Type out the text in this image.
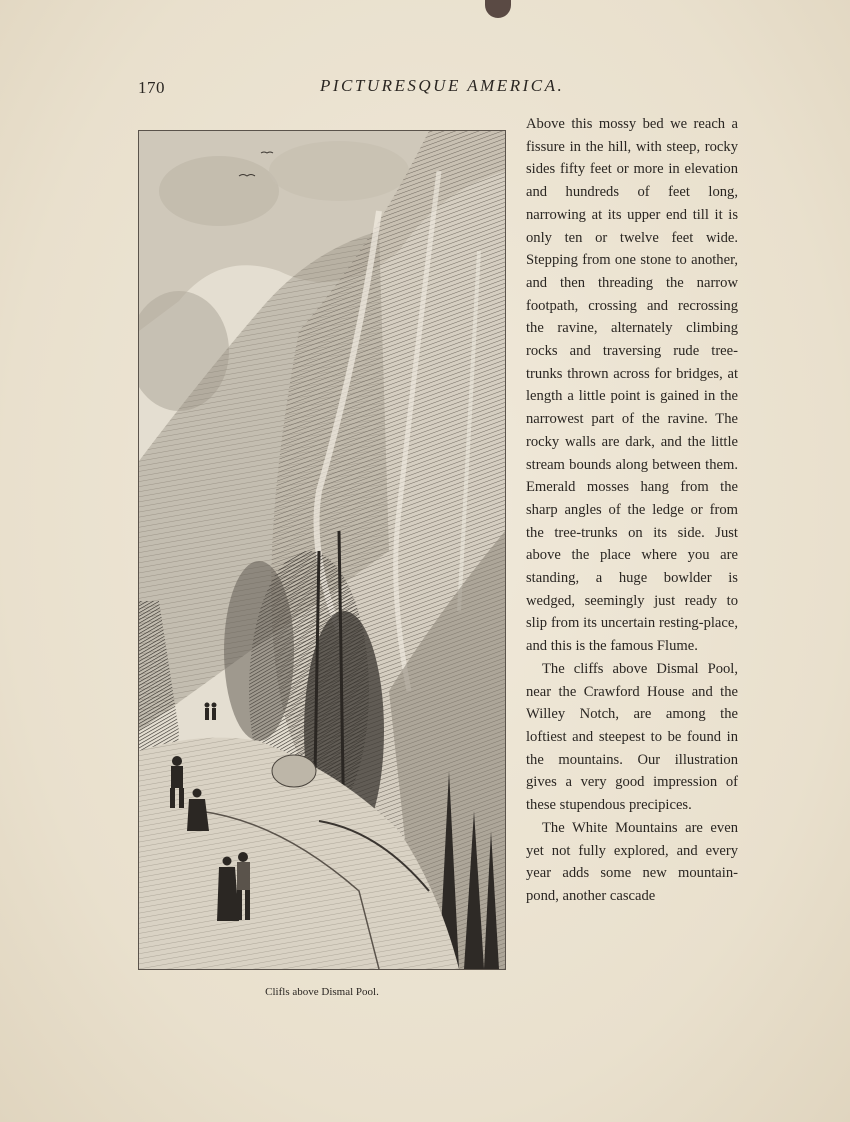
170	PICTURESQUE AMERICA.
Clifls above Dismal Pool.

Above this mossy bed we reach a fissure in the hill, with steep, rocky sides fifty feet or more in elevation and hundreds of feet long, narrowing at its upper end till it is only ten or twelve feet wide. Stepping from one stone to another, and then threading the narrow footpath, crossing and recrossing the ravine, alternately climbing rocks and traversing rude tree-trunks thrown across for bridges, at length a little point is gained in the narrowest part of the ravine. The rocky walls are dark, and the little stream bounds along between them. Emerald mosses hang from the sharp angles of the ledge or from the tree-trunks on its side. Just above the place where you are standing, a huge bowlder is wedged, seemingly just ready to slip from its uncertain resting-place, and this is the famous Flume.

The cliffs above Dismal Pool, near the Crawford House and the Willey Notch, are among the loftiest and steepest to be found in the mountains. Our illustration gives a very good impression of these stupendous precipices.

The White Mountains are even yet not fully explored, and every year adds some new mountain-pond, another cascade
